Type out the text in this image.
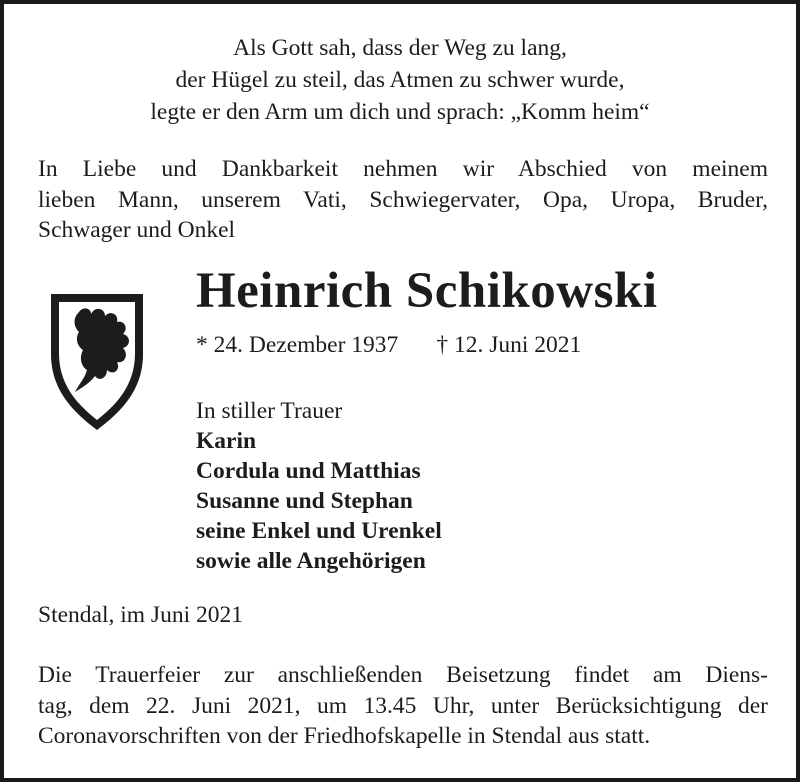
Als Gott sah, dass der Weg zu lang,
der Hügel zu steil, das Atmen zu schwer wurde,
legte er den Arm um dich und sprach: „Komm heim“
In Liebe und Dankbarkeit nehmen wir Abschied von meinem
lieben Mann, unserem Vati, Schwiegervater, Opa, Uropa, Bruder,
Schwager und Onkel
Heinrich Schikowski
* 24. Dezember 1937 † 12. Juni 2021
In stiller Trauer
Karin
Cordula und Matthias
Susanne und Stephan
seine Enkel und Urenkel
sowie alle Angehörigen
Stendal, im Juni 2021
Die Trauerfeier zur anschließenden Beisetzung findet am Diens-
tag, dem 22. Juni 2021, um 13.45 Uhr, unter Berücksichtigung der
Coronavorschriften von der Friedhofskapelle in Stendal aus statt.
